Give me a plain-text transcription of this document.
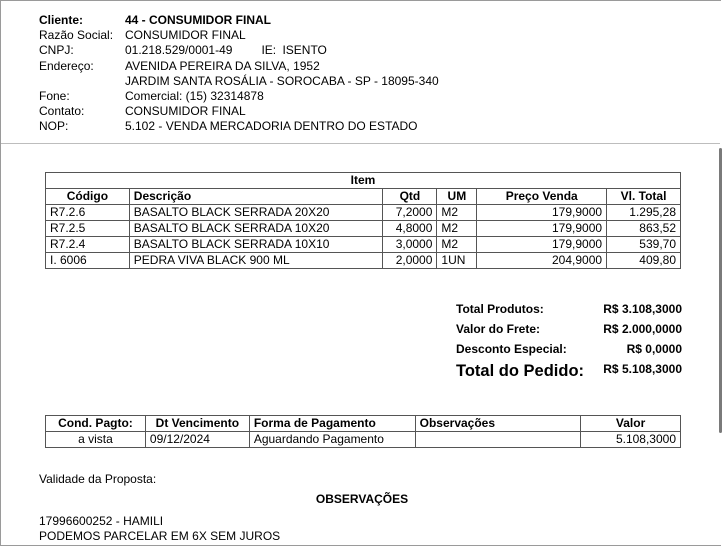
Cliente:	44 - CONSUMIDOR FINAL
Razão Social: CONSUMIDOR FINAL
CNPJ:	01.218.529/0001-49 IE: ISENTO
Endereço:	AVENIDA PEREIRA DA SILVA, 1952
JARDIM SANTA ROSÁLIA - SOROCABA - SP - 18095-340
Fone:	Comercial: (15) 32314878
Contato:	CONSUMIDOR FINAL
NOP:	5.102 - VENDA MERCADORIA DENTRO DO ESTADO
Item					
Código	Descrição	Qtd	UM	Preço Venda	Vl. Total
R7.2.6	BASALTO BLACK SERRADA 20X20	7,2000	M2	179,9000	1.295,28
R7.2.5	BASALTO BLACK SERRADA 10X20	4,8000	M2	179,9000	863,52
R7.2.4	BASALTO BLACK SERRADA 10X10	3,0000	M2	179,9000	539,70
I. 6006	PEDRA VIVA BLACK 900 ML	2,0000	1UN	204,9000	409,80
Total Produtos:	R$ 3.108,3000
Valor do Frete:	R$ 2.000,0000
Desconto Especial:	R$ 0,0000
Total do Pedido: R$ 5.108,3000
Cond. Pagto:	Dt Vencimento	Forma de Pagamento	Observações	Valor
a vista	09/12/2024	Aguardando Pagamento		5.108,3000
Validade da Proposta:
OBSERVAÇÕES
17996600252 - HAMILI
PODEMOS PARCELAR EM 6X SEM JUROS
